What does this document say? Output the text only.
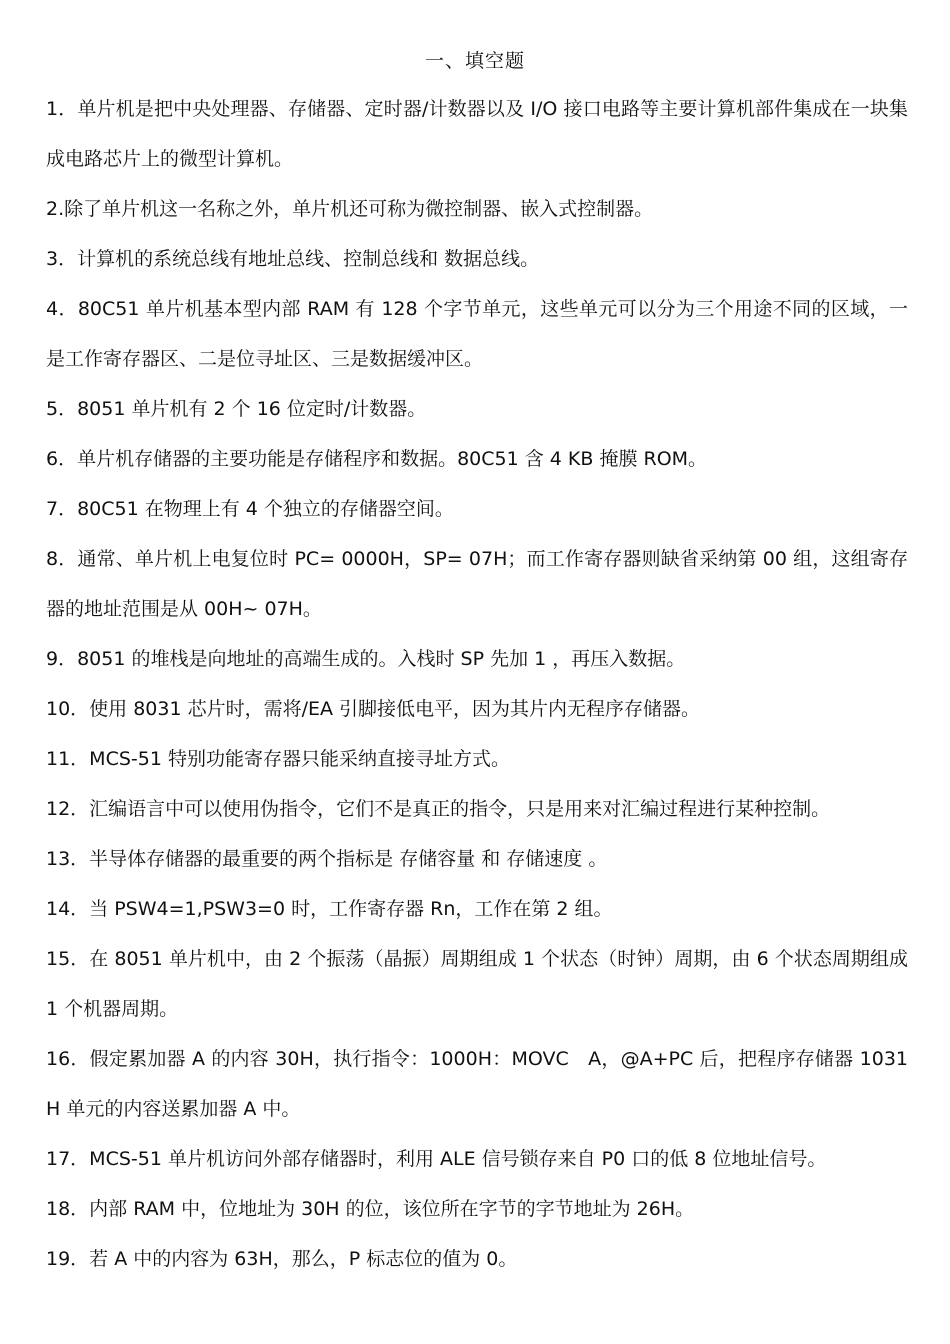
一、填空题
1．单片机是把中央处理器、存储器、定时器/计数器以及 I/O 接口电路等主要计算机部件集成在一块集成电路芯片上的微型计算机。
2.除了单片机这一名称之外，单片机还可称为微控制器、嵌入式控制器。
3．计算机的系统总线有地址总线、控制总线和 数据总线。
4．80C51 单片机基本型内部 RAM 有 128 个字节单元，这些单元可以分为三个用途不同的区域，一是工作寄存器区、二是位寻址区、三是数据缓冲区。
5．8051 单片机有 2 个 16 位定时/计数器。
6．单片机存储器的主要功能是存储程序和数据。80C51 含 4 KB 掩膜 ROM。
7．80C51 在物理上有 4 个独立的存储器空间。
8．通常、单片机上电复位时 PC= 0000H，SP= 07H；而工作寄存器则缺省采纳第 00 组，这组寄存器的地址范围是从 00H~ 07H。
9．8051 的堆栈是向地址的高端生成的。入栈时 SP 先加 1 ，再压入数据。
10．使用 8031 芯片时，需将/EA 引脚接低电平，因为其片内无程序存储器。
11．MCS-51 特别功能寄存器只能采纳直接寻址方式。
12．汇编语言中可以使用伪指令，它们不是真正的指令，只是用来对汇编过程进行某种控制。
13．半导体存储器的最重要的两个指标是 存储容量 和 存储速度 。
14．当 PSW4=1,PSW3=0 时，工作寄存器 Rn，工作在第 2 组。
15．在 8051 单片机中，由 2 个振荡（晶振）周期组成 1 个状态（时钟）周期，由 6 个状态周期组成 1 个机器周期。
16．假定累加器 A 的内容 30H，执行指令：1000H：MOVC　A，@A+PC 后，把程序存储器 1031H 单元的内容送累加器 A 中。
17．MCS-51 单片机访问外部存储器时，利用 ALE 信号锁存来自 P0 口的低 8 位地址信号。
18．内部 RAM 中，位地址为 30H 的位，该位所在字节的字节地址为 26H。
19．若 A 中的内容为 63H，那么，P 标志位的值为 0。
